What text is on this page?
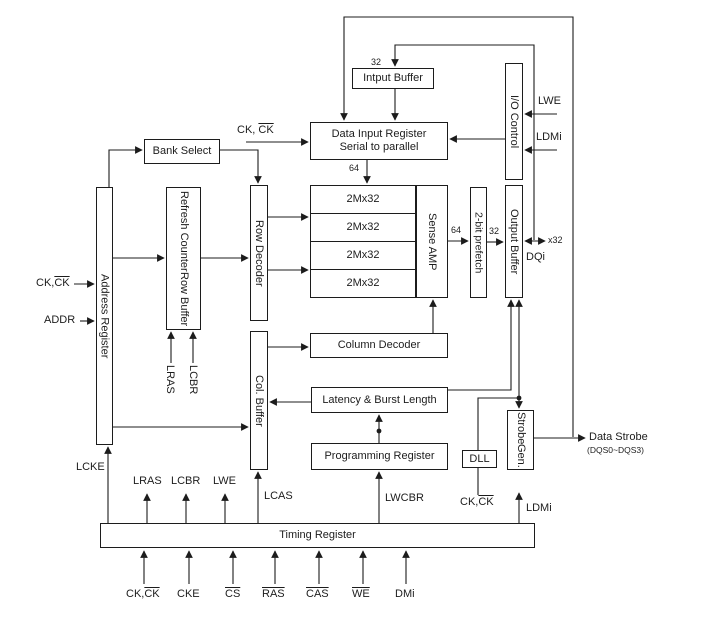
Intput Buffer
Data Input Register
Serial to parallel	I/O Control
Bank Select
Address Register
Refresh Counter
Row Buffer
Row Decoder
2Mx32
2Mx32
2Mx32
2Mx32
Sense AMP	2-bit prefetch Output Buffer
Column Decoder
Col. Buffer	Latency & Burst Length
Programming Register	DLL
Strobe
Gen.
Timing Register
32
64
64	32
x32
LWE
LDMi
DQi
CK, $\overline{CK}$
$CK,\overline{CK}$
ADDR
LRAS LCBR
LCKE
LRAS LCBR LWE
LCAS	LWCBR	$CK,\overline{CK}$	LDMi
Data Strobe
(DQS0~DQS3)
$CK,\overline{CK}$ CKE $\overline{CS}$ $\overline{RAS}$ $\overline{CAS}$ $\overline{WE}$ DMi
